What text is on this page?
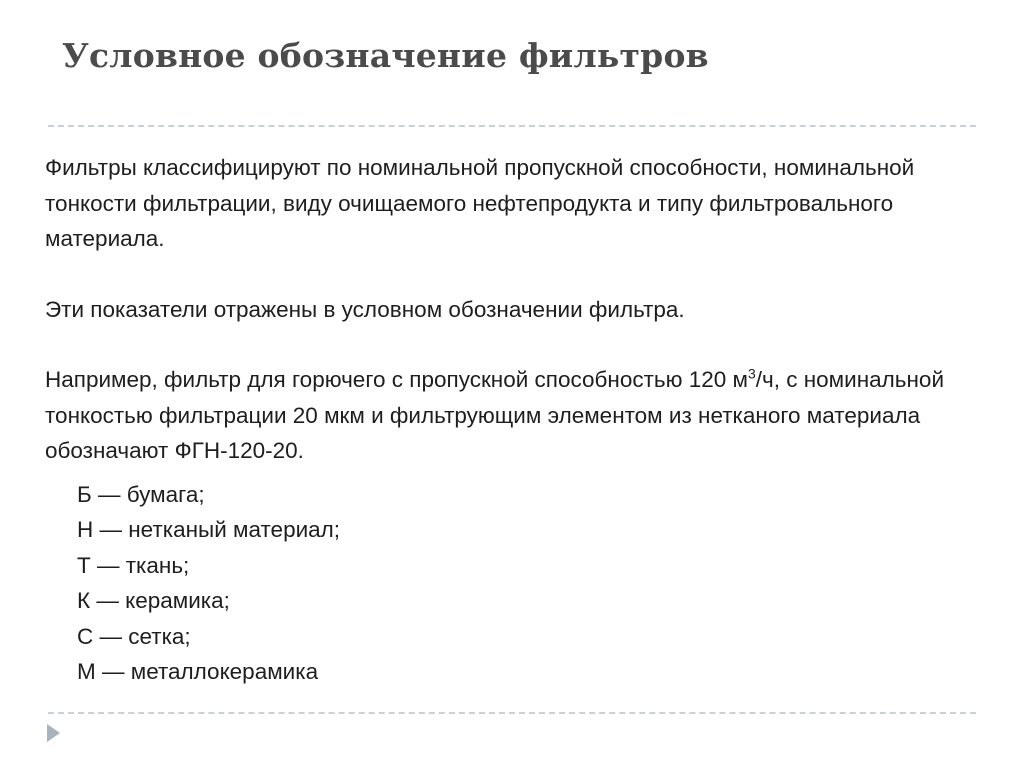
Условное обозначение фильтров

Фильтры классифицируют по номинальной пропускной способности, номинальной тонкости фильтрации, виду очищаемого нефтепродукта и типу фильтровального материала.

Эти показатели отражены в условном обозначении фильтра.

Например, фильтр для горючего с пропускной способностью 120 $м^3/ч$, с номинальной тонкостью фильтрации 20 мкм и фильтрующим элементом из нетканого материала обозначают ФГН-120-20.

Б — бумага;
Н — нетканый материал;
Т — ткань;
К — керамика;
С — сетка;
М — металлокерамика
